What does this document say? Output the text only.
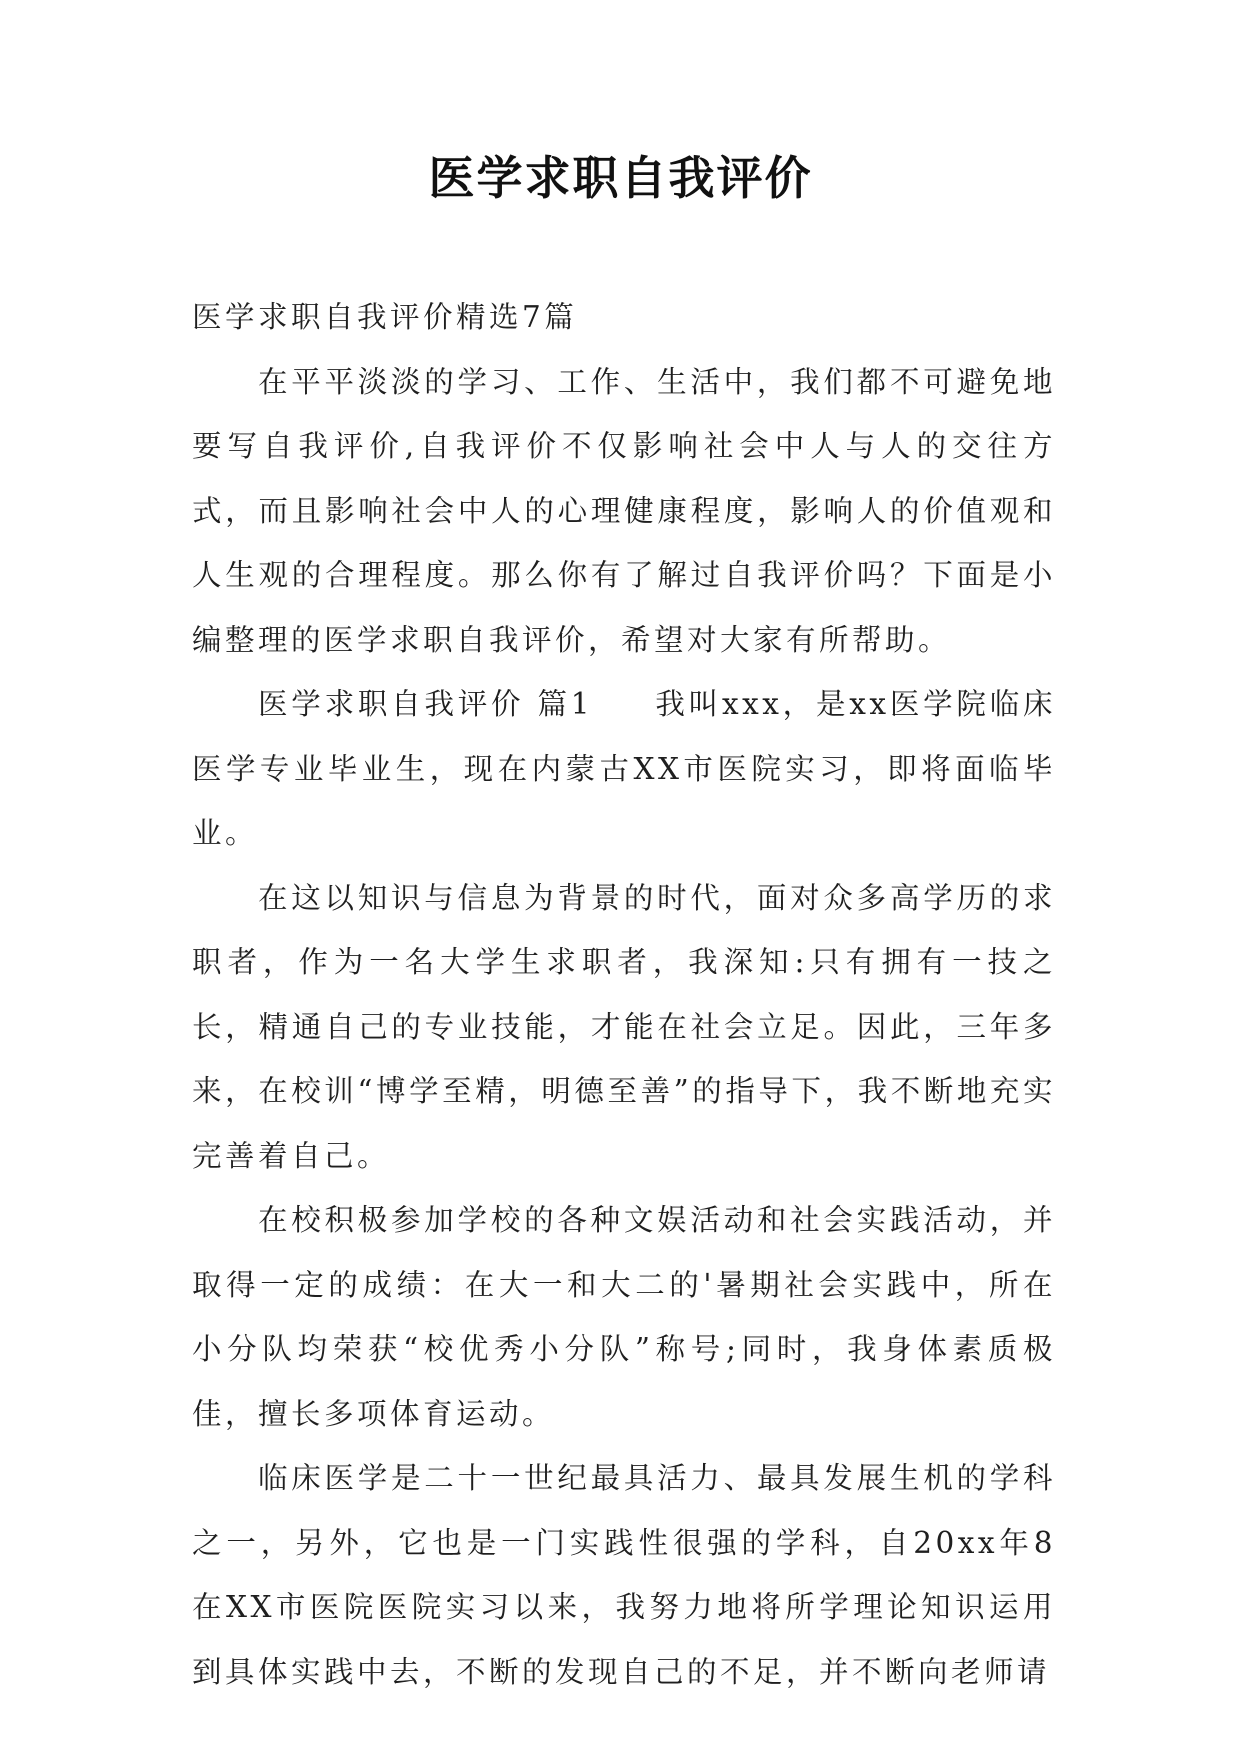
医学求职自我评价

医学求职自我评价精选7篇

在平平淡淡的学习、工作、生活中，我们都不可避免地要写自我评价,自我评价不仅影响社会中人与人的交往方式，而且影响社会中人的心理健康程度，影响人的价值观和人生观的合理程度。那么你有了解过自我评价吗？下面是小编整理的医学求职自我评价，希望对大家有所帮助。

医学求职自我评价 篇1 我叫xxx，是xx医学院临床医学专业毕业生，现在内蒙古XX市医院实习，即将面临毕业。

在这以知识与信息为背景的时代，面对众多高学历的求职者，作为一名大学生求职者，我深知:只有拥有一技之长，精通自己的专业技能，才能在社会立足。因此，三年多来，在校训“博学至精，明德至善”的指导下，我不断地充实完善着自己。

在校积极参加学校的各种文娱活动和社会实践活动，并取得一定的成绩：在大一和大二的'暑期社会实践中，所在小分队均荣获“校优秀小分队”称号;同时，我身体素质极佳，擅长多项体育运动。

临床医学是二十一世纪最具活力、最具发展生机的学科之一，另外，它也是一门实践性很强的学科，自20xx年8在XX市医院医院实习以来，我努力地将所学理论知识运用到具体实践中去，不断的发现自己的不足，并不断向老师请
